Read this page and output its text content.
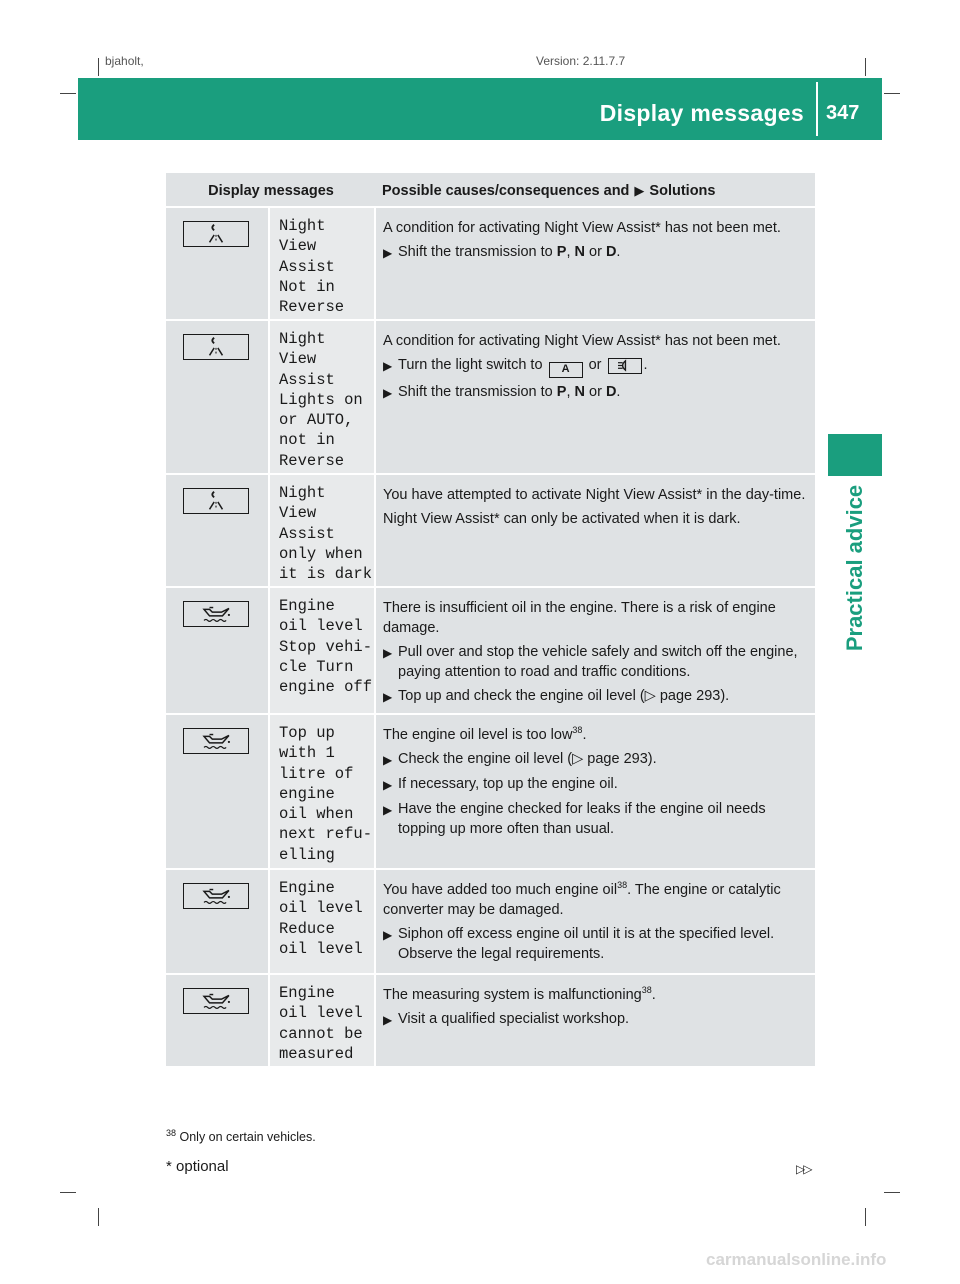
bjaholt,	Version: 2.11.7.7
Display messages 347
Practical advice
Display messages	Possible causes/consequences and ▶ Solutions
Night
View
Assist
Not in
Reverse

A condition for activating Night View Assist* has not been met.

▶ Shift the transmission to P, N or D.
Night
View
Assist
Lights on
or AUTO,
not in
Reverse

A condition for activating Night View Assist* has not been met.

▶ Turn the light switch to A or	.
▶ Shift the transmission to P, N or D.
Night
View
Assist
only when
it is dark

You have attempted to activate Night View Assist* in the day-time.

Night View Assist* can only be activated when it is dark.

Engine
oil level
Stop vehi‐
cle Turn
engine off

There is insufficient oil in the engine. There is a risk of engine damage.

▶ Pull over and stop the vehicle safely and switch off the engine, paying attention to road and traffic conditions.
▶ Top up and check the engine oil level (▷ page 293).
Top up
with 1
litre of
engine
oil when
next refu‐
elling

The engine oil level is too low$^{38}$.

▶ Check the engine oil level (▷ page 293).
▶ If necessary, top up the engine oil.
▶ Have the engine checked for leaks if the engine oil needs topping up more often than usual.
Engine
oil level
Reduce
oil level

You have added too much engine oil$^{38}$. The engine or catalytic converter may be damaged.

▶ Siphon off excess engine oil until it is at the specified level. Observe the legal requirements.
Engine
oil level
cannot be
measured

The measuring system is malfunctioning$^{38}$.

▶ Visit a qualified specialist workshop.
$^{38}$ Only on certain vehicles.
* optional	▷▷
carmanualsonline.info
